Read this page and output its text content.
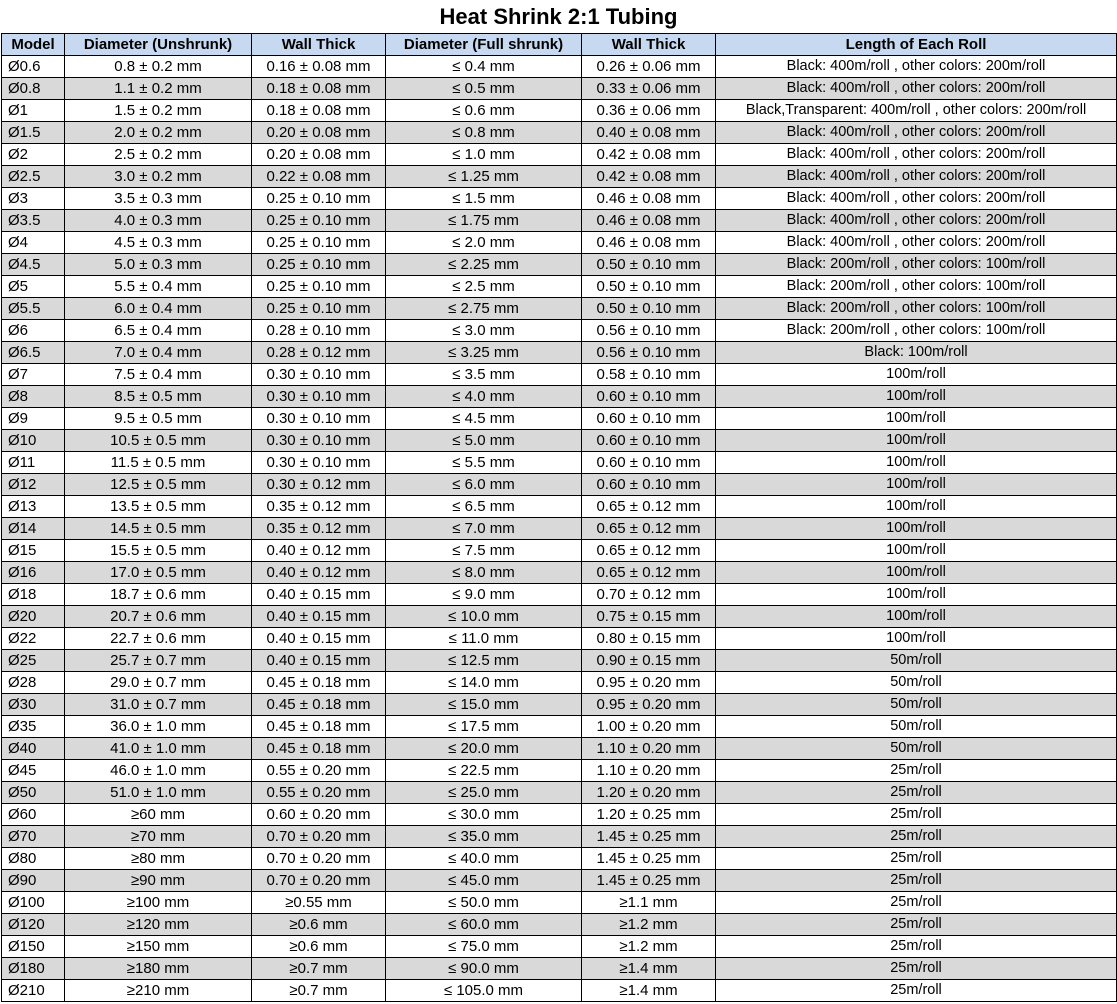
Heat Shrink 2:1 Tubing
Model	Diameter (Unshrunk)	Wall Thick	Diameter (Full shrunk)	Wall Thick	Length of Each Roll
Ø0.6	0.8 ± 0.2 mm	0.16 ± 0.08 mm	≤ 0.4 mm	0.26 ± 0.06 mm	Black: 400m/roll , other colors: 200m/roll
Ø0.8	1.1 ± 0.2 mm	0.18 ± 0.08 mm	≤ 0.5 mm	0.33 ± 0.06 mm	Black: 400m/roll , other colors: 200m/roll
Ø1	1.5 ± 0.2 mm	0.18 ± 0.08 mm	≤ 0.6 mm	0.36 ± 0.06 mm	Black,Transparent: 400m/roll , other colors: 200m/roll
Ø1.5	2.0 ± 0.2 mm	0.20 ± 0.08 mm	≤ 0.8 mm	0.40 ± 0.08 mm	Black: 400m/roll , other colors: 200m/roll
Ø2	2.5 ± 0.2 mm	0.20 ± 0.08 mm	≤ 1.0 mm	0.42 ± 0.08 mm	Black: 400m/roll , other colors: 200m/roll
Ø2.5	3.0 ± 0.2 mm	0.22 ± 0.08 mm	≤ 1.25 mm	0.42 ± 0.08 mm	Black: 400m/roll , other colors: 200m/roll
Ø3	3.5 ± 0.3 mm	0.25 ± 0.10 mm	≤ 1.5 mm	0.46 ± 0.08 mm	Black: 400m/roll , other colors: 200m/roll
Ø3.5	4.0 ± 0.3 mm	0.25 ± 0.10 mm	≤ 1.75 mm	0.46 ± 0.08 mm	Black: 400m/roll , other colors: 200m/roll
Ø4	4.5 ± 0.3 mm	0.25 ± 0.10 mm	≤ 2.0 mm	0.46 ± 0.08 mm	Black: 400m/roll , other colors: 200m/roll
Ø4.5	5.0 ± 0.3 mm	0.25 ± 0.10 mm	≤ 2.25 mm	0.50 ± 0.10 mm	Black: 200m/roll , other colors: 100m/roll
Ø5	5.5 ± 0.4 mm	0.25 ± 0.10 mm	≤ 2.5 mm	0.50 ± 0.10 mm	Black: 200m/roll , other colors: 100m/roll
Ø5.5	6.0 ± 0.4 mm	0.25 ± 0.10 mm	≤ 2.75 mm	0.50 ± 0.10 mm	Black: 200m/roll , other colors: 100m/roll
Ø6	6.5 ± 0.4 mm	0.28 ± 0.10 mm	≤ 3.0 mm	0.56 ± 0.10 mm	Black: 200m/roll , other colors: 100m/roll
Ø6.5	7.0 ± 0.4 mm	0.28 ± 0.12 mm	≤ 3.25 mm	0.56 ± 0.10 mm	Black: 100m/roll
Ø7	7.5 ± 0.4 mm	0.30 ± 0.10 mm	≤ 3.5 mm	0.58 ± 0.10 mm	100m/roll
Ø8	8.5 ± 0.5 mm	0.30 ± 0.10 mm	≤ 4.0 mm	0.60 ± 0.10 mm	100m/roll
Ø9	9.5 ± 0.5 mm	0.30 ± 0.10 mm	≤ 4.5 mm	0.60 ± 0.10 mm	100m/roll
Ø10	10.5 ± 0.5 mm	0.30 ± 0.10 mm	≤ 5.0 mm	0.60 ± 0.10 mm	100m/roll
Ø11	11.5 ± 0.5 mm	0.30 ± 0.10 mm	≤ 5.5 mm	0.60 ± 0.10 mm	100m/roll
Ø12	12.5 ± 0.5 mm	0.30 ± 0.12 mm	≤ 6.0 mm	0.60 ± 0.10 mm	100m/roll
Ø13	13.5 ± 0.5 mm	0.35 ± 0.12 mm	≤ 6.5 mm	0.65 ± 0.12 mm	100m/roll
Ø14	14.5 ± 0.5 mm	0.35 ± 0.12 mm	≤ 7.0 mm	0.65 ± 0.12 mm	100m/roll
Ø15	15.5 ± 0.5 mm	0.40 ± 0.12 mm	≤ 7.5 mm	0.65 ± 0.12 mm	100m/roll
Ø16	17.0 ± 0.5 mm	0.40 ± 0.12 mm	≤ 8.0 mm	0.65 ± 0.12 mm	100m/roll
Ø18	18.7 ± 0.6 mm	0.40 ± 0.15 mm	≤ 9.0 mm	0.70 ± 0.12 mm	100m/roll
Ø20	20.7 ± 0.6 mm	0.40 ± 0.15 mm	≤ 10.0 mm	0.75 ± 0.15 mm	100m/roll
Ø22	22.7 ± 0.6 mm	0.40 ± 0.15 mm	≤ 11.0 mm	0.80 ± 0.15 mm	100m/roll
Ø25	25.7 ± 0.7 mm	0.40 ± 0.15 mm	≤ 12.5 mm	0.90 ± 0.15 mm	50m/roll
Ø28	29.0 ± 0.7 mm	0.45 ± 0.18 mm	≤ 14.0 mm	0.95 ± 0.20 mm	50m/roll
Ø30	31.0 ± 0.7 mm	0.45 ± 0.18 mm	≤ 15.0 mm	0.95 ± 0.20 mm	50m/roll
Ø35	36.0 ± 1.0 mm	0.45 ± 0.18 mm	≤ 17.5 mm	1.00 ± 0.20 mm	50m/roll
Ø40	41.0 ± 1.0 mm	0.45 ± 0.18 mm	≤ 20.0 mm	1.10 ± 0.20 mm	50m/roll
Ø45	46.0 ± 1.0 mm	0.55 ± 0.20 mm	≤ 22.5 mm	1.10 ± 0.20 mm	25m/roll
Ø50	51.0 ± 1.0 mm	0.55 ± 0.20 mm	≤ 25.0 mm	1.20 ± 0.20 mm	25m/roll
Ø60	≥60 mm	0.60 ± 0.20 mm	≤ 30.0 mm	1.20 ± 0.25 mm	25m/roll
Ø70	≥70 mm	0.70 ± 0.20 mm	≤ 35.0 mm	1.45 ± 0.25 mm	25m/roll
Ø80	≥80 mm	0.70 ± 0.20 mm	≤ 40.0 mm	1.45 ± 0.25 mm	25m/roll
Ø90	≥90 mm	0.70 ± 0.20 mm	≤ 45.0 mm	1.45 ± 0.25 mm	25m/roll
Ø100	≥100 mm	≥0.55 mm	≤ 50.0 mm	≥1.1 mm	25m/roll
Ø120	≥120 mm	≥0.6 mm	≤ 60.0 mm	≥1.2 mm	25m/roll
Ø150	≥150 mm	≥0.6 mm	≤ 75.0 mm	≥1.2 mm	25m/roll
Ø180	≥180 mm	≥0.7 mm	≤ 90.0 mm	≥1.4 mm	25m/roll
Ø210	≥210 mm	≥0.7 mm	≤ 105.0 mm	≥1.4 mm	25m/roll
